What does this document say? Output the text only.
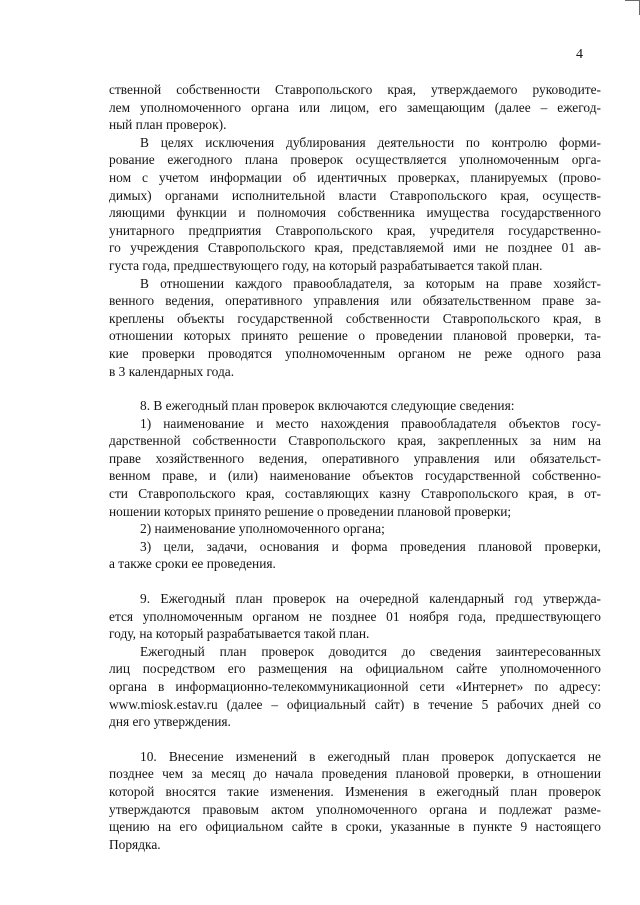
4
ственной собственности Ставропольского края, утверждаемого руководите-
лем уполномоченного органа или лицом, его замещающим (далее – ежегод-
ный план проверок).
В целях исключения дублирования деятельности по контролю форми-
рование ежегодного плана проверок осуществляется уполномоченным орга-
ном с учетом информации об идентичных проверках, планируемых (прово-
димых) органами исполнительной власти Ставропольского края, осуществ-
ляющими функции и полномочия собственника имущества государственного
унитарного предприятия Ставропольского края, учредителя государственно-
го учреждения Ставропольского края, представляемой ими не позднее 01 ав-
густа года, предшествующего году, на который разрабатывается такой план.
В отношении каждого правообладателя, за которым на праве хозяйст-
венного ведения, оперативного управления или обязательственном праве за-
креплены объекты государственной собственности Ставропольского края, в
отношении которых принято решение о проведении плановой проверки, та-
кие проверки проводятся уполномоченным органом не реже одного раза
в 3 календарных года.
8. В ежегодный план проверок включаются следующие сведения:
1) наименование и место нахождения правообладателя объектов госу-
дарственной собственности Ставропольского края, закрепленных за ним на
праве хозяйственного ведения, оперативного управления или обязательст-
венном праве, и (или) наименование объектов государственной собственно-
сти Ставропольского края, составляющих казну Ставропольского края, в от-
ношении которых принято решение о проведении плановой проверки;
2) наименование уполномоченного органа;
3) цели, задачи, основания и форма проведения плановой проверки,
а также сроки ее проведения.
9. Ежегодный план проверок на очередной календарный год утвержда-
ется уполномоченным органом не позднее 01 ноября года, предшествующего
году, на который разрабатывается такой план.
Ежегодный план проверок доводится до сведения заинтересованных
лиц посредством его размещения на официальном сайте уполномоченного
органа в информационно-телекоммуникационной сети «Интернет» по адресу:
www.miosk.estav.ru (далее – официальный сайт) в течение 5 рабочих дней со
дня его утверждения.
10. Внесение изменений в ежегодный план проверок допускается не
позднее чем за месяц до начала проведения плановой проверки, в отношении
которой вносятся такие изменения. Изменения в ежегодный план проверок
утверждаются правовым актом уполномоченного органа и подлежат разме-
щению на его официальном сайте в сроки, указанные в пункте 9 настоящего
Порядка.
